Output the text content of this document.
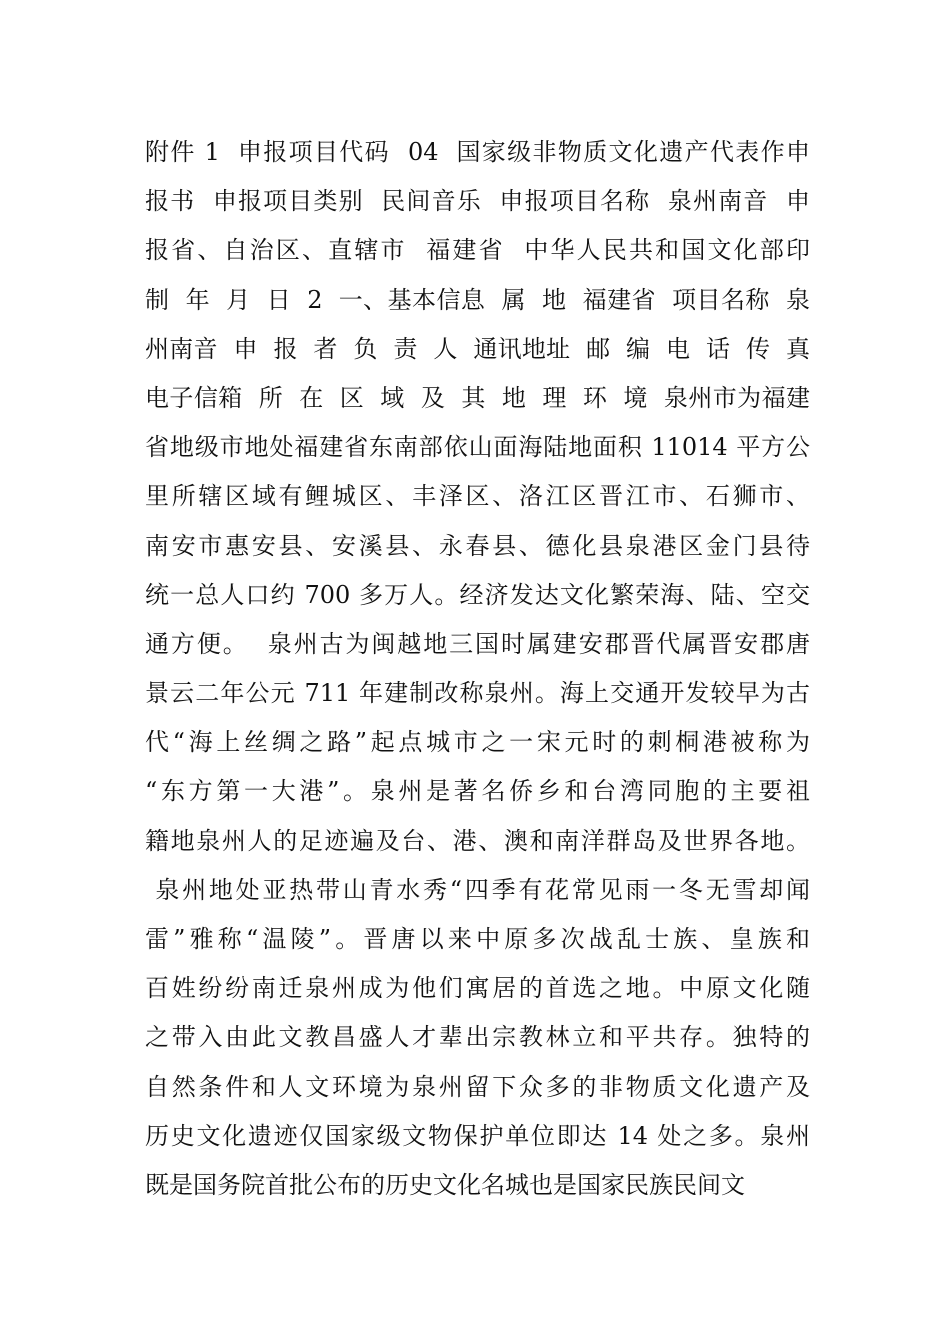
附件 1  申报项目代码  04  国家级非物质文化遗产代表作申
报书  申报项目类别  民间音乐  申报项目名称  泉州南音  申
报省、自治区、直辖市  福建省  中华人民共和国文化部印
制  年  月  日  2  一、基本信息  属  地  福建省  项目名称  泉
州南音  申  报  者  负  责  人  通讯地址  邮  编  电  话  传  真
电子信箱  所  在  区  域  及  其  地  理  环  境  泉州市为福建
省地级市地处福建省东南部依山面海陆地面积 11014 平方公
里所辖区域有鲤城区、丰泽区、洛江区晋江市、石狮市、
南安市惠安县、安溪县、永春县、德化县泉港区金门县待
统一总人口约 700 多万人。经济发达文化繁荣海、陆、空交
通方便。  泉州古为闽越地三国时属建安郡晋代属晋安郡唐
景云二年公元 711 年建制改称泉州。海上交通开发较早为古
代“海上丝绸之路”起点城市之一宋元时的刺桐港被称为
“东方第一大港”。泉州是著名侨乡和台湾同胞的主要祖
籍地泉州人的足迹遍及台、港、澳和南洋群岛及世界各地。
泉州地处亚热带山青水秀“四季有花常见雨一冬无雪却闻
雷”雅称“温陵”。晋唐以来中原多次战乱士族、皇族和
百姓纷纷南迁泉州成为他们寓居的首选之地。中原文化随
之带入由此文教昌盛人才辈出宗教林立和平共存。独特的
自然条件和人文环境为泉州留下众多的非物质文化遗产及
历史文化遗迹仅国家级文物保护单位即达 14 处之多。泉州
既是国务院首批公布的历史文化名城也是国家民族民间文
